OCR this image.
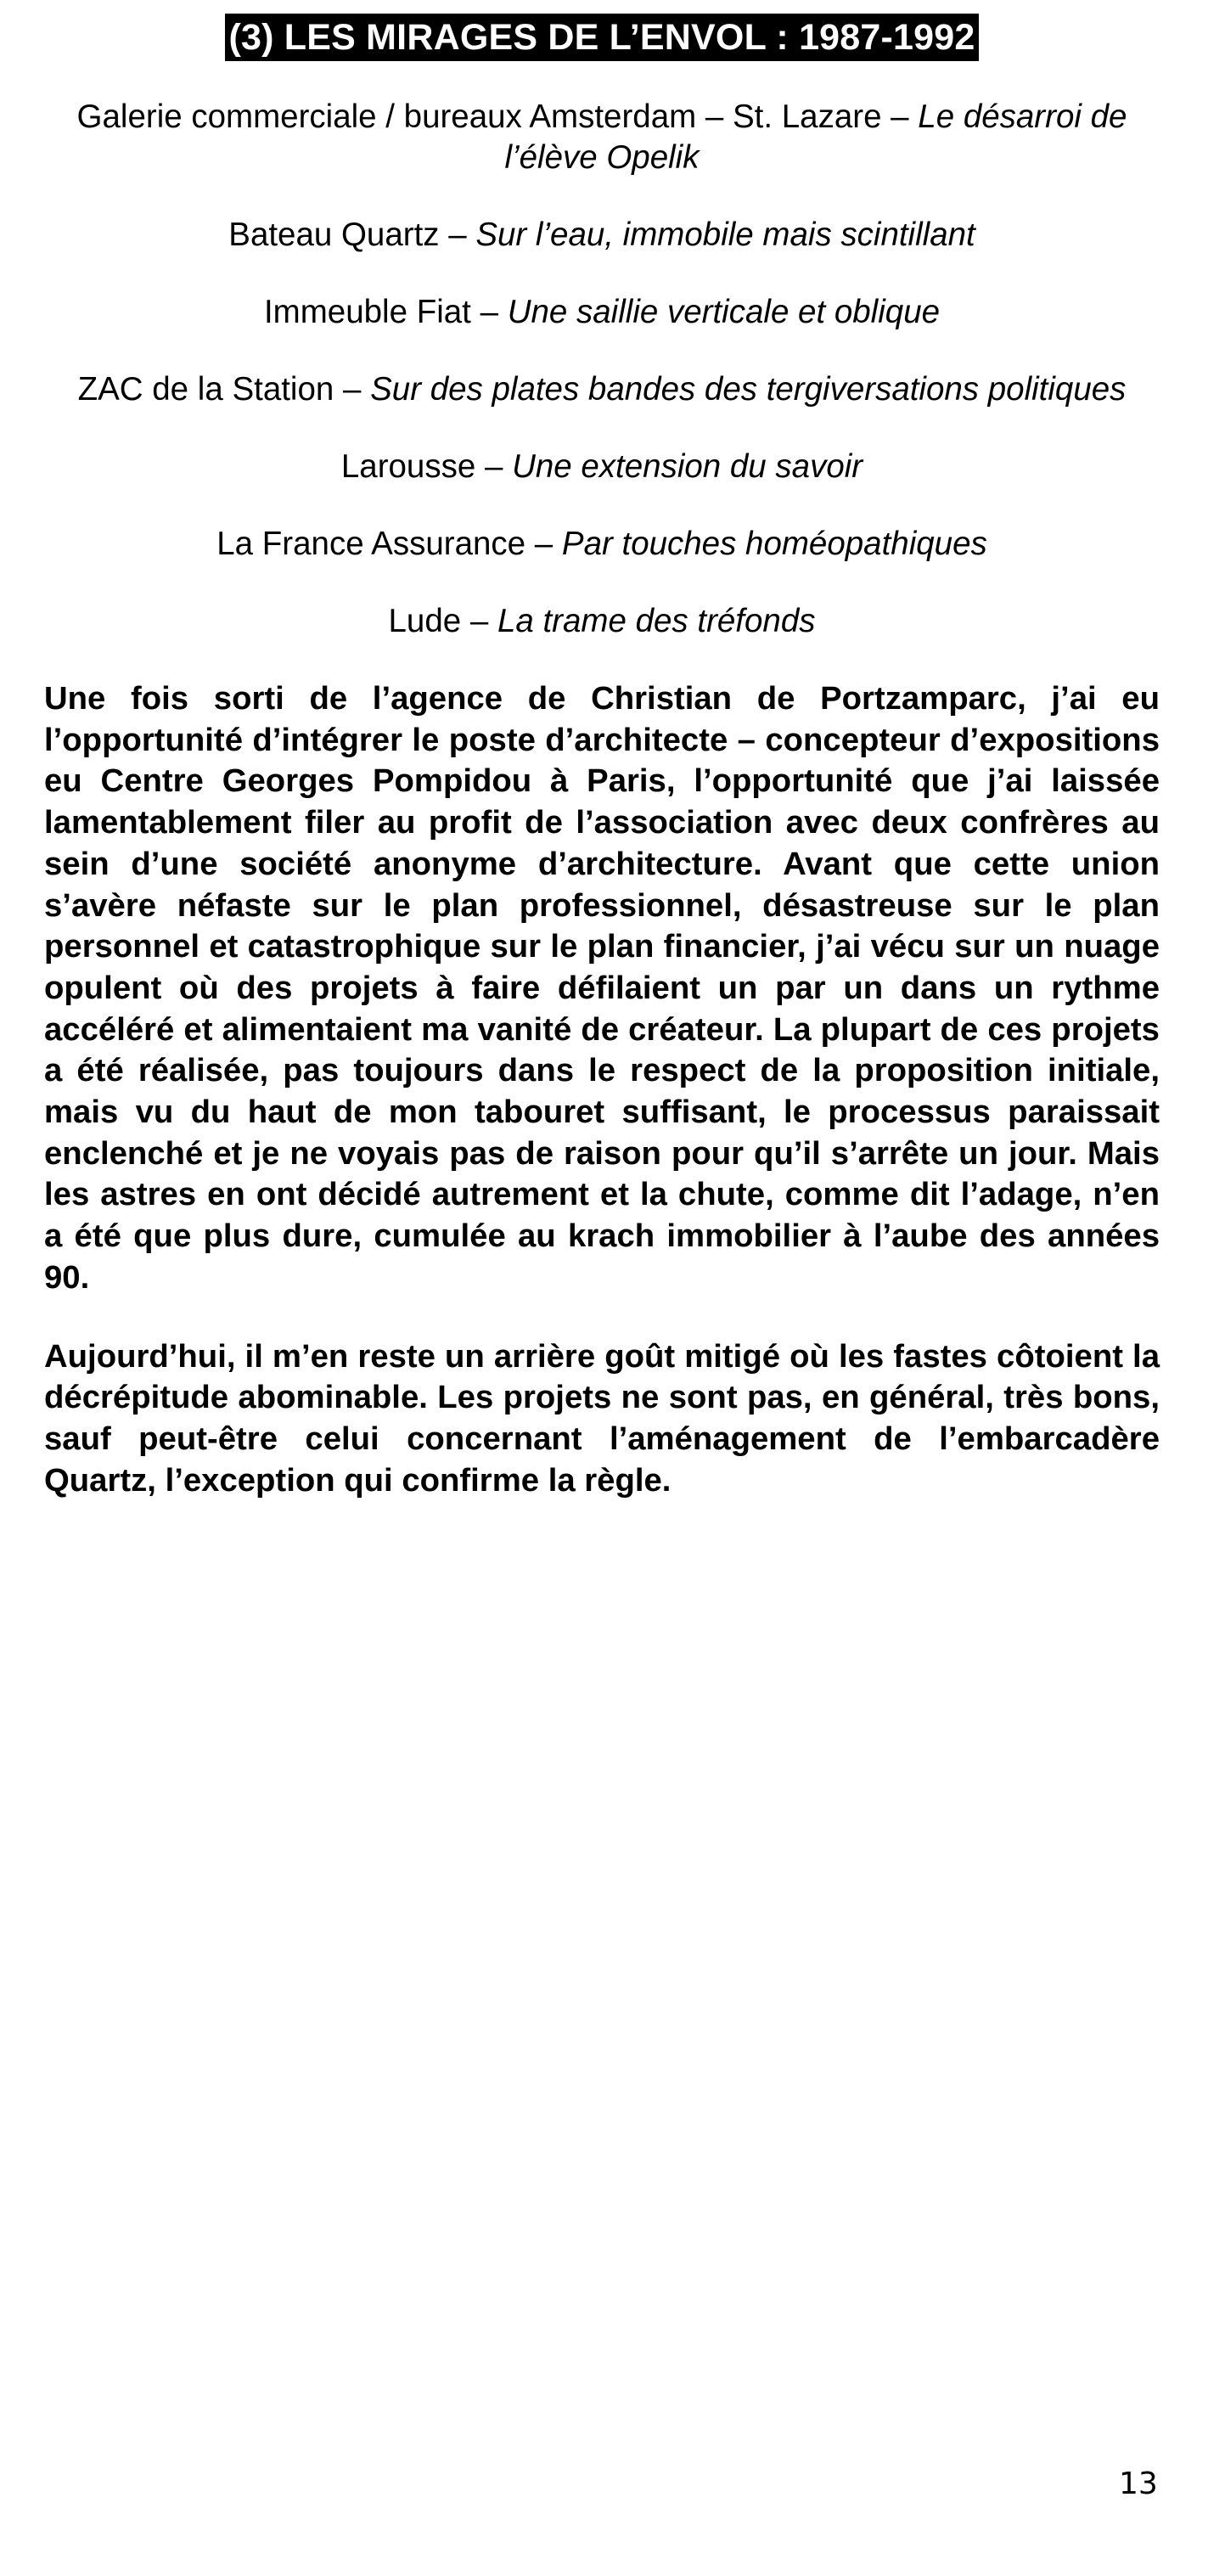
(3) LES MIRAGES DE L’ENVOL : 1987-1992

Galerie commerciale / bureaux Amsterdam – St. Lazare – Le désarroi de l’élève Opelik

Bateau Quartz – Sur l’eau, immobile mais scintillant

Immeuble Fiat – Une saillie verticale et oblique

ZAC de la Station – Sur des plates bandes des tergiversations politiques

Larousse – Une extension du savoir

La France Assurance – Par touches homéopathiques

Lude – La trame des tréfonds

Une fois sorti de l’agence de Christian de Portzamparc, j’ai eu l’opportunité d’intégrer le poste d’architecte – concepteur d’expositions eu Centre Georges Pompidou à Paris, l’opportunité que j’ai laissée lamentablement filer au profit de l’association avec deux confrères au sein d’une société anonyme d’architecture. Avant que cette union s’avère néfaste sur le plan professionnel, désastreuse sur le plan personnel et catastrophique sur le plan financier, j’ai vécu sur un nuage opulent où des projets à faire défilaient un par un dans un rythme accéléré et alimentaient ma vanité de créateur. La plupart de ces projets a été réalisée, pas toujours dans le respect de la proposition initiale, mais vu du haut de mon tabouret suffisant, le processus paraissait enclenché et je ne voyais pas de raison pour qu’il s’arrête un jour. Mais les astres en ont décidé autrement et la chute, comme dit l’adage, n’en a été que plus dure, cumulée au krach immobilier à l’aube des années 90.

Aujourd’hui, il m’en reste un arrière goût mitigé où les fastes côtoient la décrépitude abominable. Les projets ne sont pas, en général, très bons, sauf peut-être celui concernant l’aménagement de l’embarcadère Quartz, l’exception qui confirme la règle.

13
